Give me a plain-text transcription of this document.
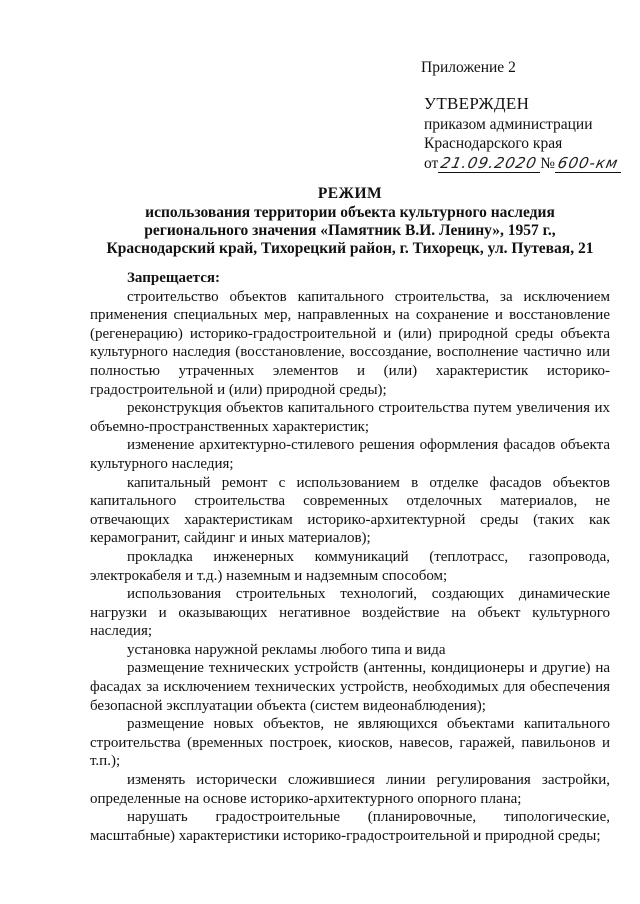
Приложение 2
УТВЕРЖДЕН
приказом администрации
Краснодарского края
от21.09.2020№600-км
РЕЖИМ
использования территории объекта культурного наследия
регионального значения «Памятник В.И. Ленину», 1957 г.,
Краснодарский край, Тихорецкий район, г. Тихорецк, ул. Путевая, 21

Запрещается:

строительство объектов капитального строительства, за исключением применения специальных мер, направленных на сохранение и восстановление (регенерацию) историко-градостроительной и (или) природной среды объекта культурного наследия (восстановление, воссоздание, восполнение частично или полностью утраченных элементов и (или) характеристик историко-градостроительной и (или) природной среды);

реконструкция объектов капитального строительства путем увеличения их объемно-пространственных характеристик;

изменение архитектурно-стилевого решения оформления фасадов объекта культурного наследия;

капитальный ремонт с использованием в отделке фасадов объектов капитального строительства современных отделочных материалов, не отвечающих характеристикам историко-архитектурной среды (таких как керамогранит, сайдинг и иных материалов);

прокладка инженерных коммуникаций (теплотрасс, газопровода, электрокабеля и т.д.) наземным и надземным способом;

использования строительных технологий, создающих динамические нагрузки и оказывающих негативное воздействие на объект культурного наследия;

установка наружной рекламы любого типа и вида

размещение технических устройств (антенны, кондиционеры и другие) на фасадах за исключением технических устройств, необходимых для обеспечения безопасной эксплуатации объекта (систем видеонаблюдения);

размещение новых объектов, не являющихся объектами капитального строительства (временных построек, киосков, навесов, гаражей, павильонов и т.п.);

изменять исторически сложившиеся линии регулирования застройки, определенные на основе историко-архитектурного опорного плана;

нарушать градостроительные (планировочные, типологические, масштабные) характеристики историко-градостроительной и природной среды;
